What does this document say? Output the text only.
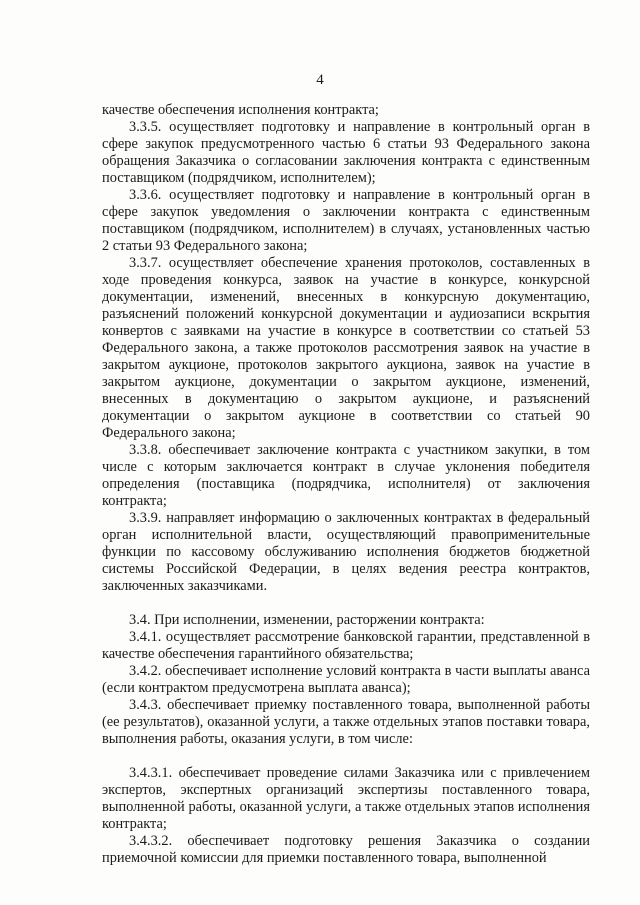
4

качестве обеспечения исполнения контракта;

3.3.5. осуществляет подготовку и направление в контрольный орган в сфере закупок предусмотренного частью 6 статьи 93 Федерального закона обращения Заказчика о согласовании заключения контракта с единственным поставщиком (подрядчиком, исполнителем);

3.3.6. осуществляет подготовку и направление в контрольный орган в сфере закупок уведомления о заключении контракта с единственным поставщиком (подрядчиком, исполнителем) в случаях, установленных частью 2 статьи 93 Федерального закона;

3.3.7. осуществляет обеспечение хранения протоколов, составленных в ходе проведения конкурса, заявок на участие в конкурсе, конкурсной документации, изменений, внесенных в конкурсную документацию, разъяснений положений конкурсной документации и аудиозаписи вскрытия конвертов с заявками на участие в конкурсе в соответствии со статьей 53 Федерального закона, а также протоколов рассмотрения заявок на участие в закрытом аукционе, протоколов закрытого аукциона, заявок на участие в закрытом аукционе, документации о закрытом аукционе, изменений, внесенных в документацию о закрытом аукционе, и разъяснений документации о закрытом аукционе в соответствии со статьей 90 Федерального закона;

3.3.8. обеспечивает заключение контракта с участником закупки, в том числе с которым заключается контракт в случае уклонения победителя определения (поставщика (подрядчика, исполнителя) от заключения контракта;

3.3.9. направляет информацию о заключенных контрактах в федеральный орган исполнительной власти, осуществляющий правоприменительные функции по кассовому обслуживанию исполнения бюджетов бюджетной системы Российской Федерации, в целях ведения реестра контрактов, заключенных заказчиками.

3.4. При исполнении, изменении, расторжении контракта:

3.4.1. осуществляет рассмотрение банковской гарантии, представленной в качестве обеспечения гарантийного обязательства;

3.4.2. обеспечивает исполнение условий контракта в части выплаты аванса (если контрактом предусмотрена выплата аванса);

3.4.3. обеспечивает приемку поставленного товара, выполненной работы (ее результатов), оказанной услуги, а также отдельных этапов поставки товара, выполнения работы, оказания услуги, в том числе:

3.4.3.1. обеспечивает проведение силами Заказчика или с привлечением экспертов, экспертных организаций экспертизы поставленного товара, выполненной работы, оказанной услуги, а также отдельных этапов исполнения контракта;

3.4.3.2. обеспечивает подготовку решения Заказчика о создании приемочной комиссии для приемки поставленного товара, выполненной
